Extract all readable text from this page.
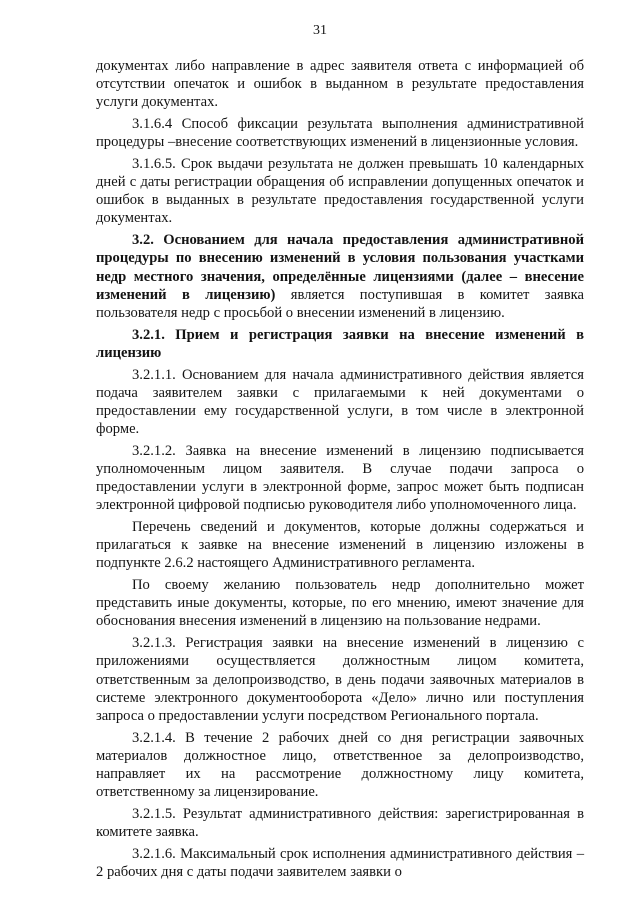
31

документах либо направление в адрес заявителя ответа с информацией об отсутствии опечаток и ошибок в выданном в результате предоставления услуги документах.

3.1.6.4 Способ фиксации результата выполнения административной процедуры –внесение соответствующих изменений в лицензионные условия.

3.1.6.5. Срок выдачи результата не должен превышать 10 календарных дней с даты регистрации обращения об исправлении допущенных опечаток и ошибок в выданных в результате предоставления государственной услуги документах.

3.2. Основанием для начала предоставления административной процедуры по внесению изменений в условия пользования участками недр местного значения, определённые лицензиями (далее – внесение изменений в лицензию) является поступившая в комитет заявка пользователя недр с просьбой о внесении изменений в лицензию.

3.2.1. Прием и регистрация заявки на внесение изменений в лицензию

3.2.1.1. Основанием для начала административного действия является подача заявителем заявки с прилагаемыми к ней документами о предоставлении ему государственной услуги, в том числе в электронной форме.

3.2.1.2. Заявка на внесение изменений в лицензию подписывается уполномоченным лицом заявителя. В случае подачи запроса о предоставлении услуги в электронной форме, запрос может быть подписан электронной цифровой подписью руководителя либо уполномоченного лица.

Перечень сведений и документов, которые должны содержаться и прилагаться к заявке на внесение изменений в лицензию изложены в подпункте 2.6.2 настоящего Административного регламента.

По своему желанию пользователь недр дополнительно может представить иные документы, которые, по его мнению, имеют значение для обоснования внесения изменений в лицензию на пользование недрами.

3.2.1.3. Регистрация заявки на внесение изменений в лицензию с приложениями осуществляется должностным лицом комитета, ответственным за делопроизводство, в день подачи заявочных материалов в системе электронного документооборота «Дело» лично или поступления запроса о предоставлении услуги посредством Регионального портала.

3.2.1.4. В течение 2 рабочих дней со дня регистрации заявочных материалов должностное лицо, ответственное за делопроизводство, направляет их на рассмотрение должностному лицу комитета, ответственному за лицензирование.

3.2.1.5. Результат административного действия: зарегистрированная в комитете заявка.

3.2.1.6. Максимальный срок исполнения административного действия – 2 рабочих дня с даты подачи заявителем заявки о
